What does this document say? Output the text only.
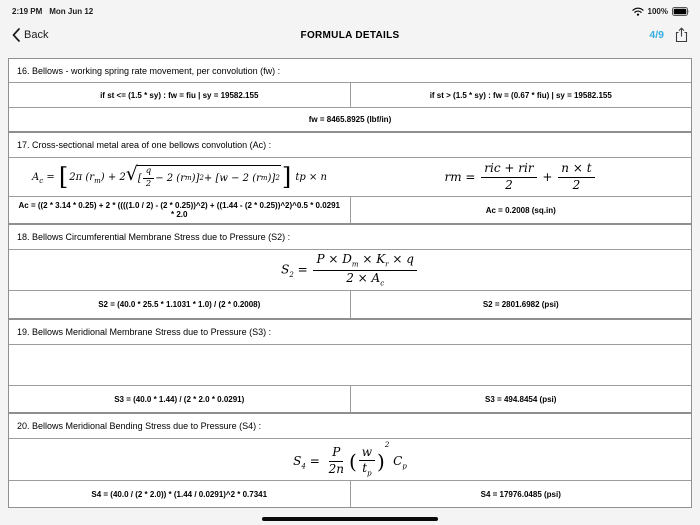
2:19 PM Mon Jun 12	100%
Back	FORMULA DETAILS	4/9
16. Bellows - working spring rate movement, per convolution (fw) :
if st <= (1.5 * sy) : fw = fiu | sy = 19582.155	if st > (1.5 * sy) : fw = (0.67 * fiu) | sy = 19582.155
fw = 8465.8925 (lbf/in)
17. Cross-sectional metal area of one bellows convolution (Ac) :
$A_c = [2\pi$ $(r_m) + 2$ √ [ $\frac{q}{2} - 2$ (r m ) ] 2 + [w − 2 (r m )] 2 ] tp × n	rm = $\frac{\text{ric + rir}}{2} + \frac{n \times t}{2}$
Ac = ((2 * 3.14 * 0.25) + 2 * ((((1.0 / 2) - (2 * 0.25))^2) + ((1.44 - (2 * 0.25))^2)^0.5 * 0.0291 * 2.0	Ac = 0.2008 (sq.in)
18. Bellows Circumferential Membrane Stress due to Pressure (S2) :
$S_2 = \frac{P \times D_m \times K_r \times q}{2 \times A_c}$
S2 = (40.0 * 25.5 * 1.1031 * 1.0) / (2 * 0.2008)	S2 = 2801.6982 (psi)
19. Bellows Meridional Membrane Stress due to Pressure (S3) :
S3 = (40.0 * 1.44) / (2 * 2.0 * 0.0291)	S3 = 494.8454 (psi)
20. Bellows Meridional Bending Stress due to Pressure (S4) :
$S_4 = \frac{P}{2n}$ ( $\frac{w}{t_p} )^2$ $C_p$
S4 = (40.0 / (2 * 2.0)) * (1.44 / 0.0291)^2 * 0.7341	S4 = 17976.0485 (psi)
